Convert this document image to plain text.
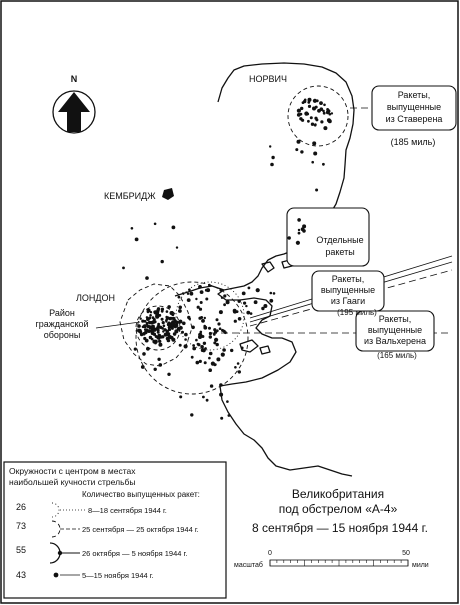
Ракеты,
выпущенные
из Ставерена
(185 миль)
Отдельные
ракеты
Ракеты,
выпущенные
из Гааги
(195 миль)
Ракеты,
выпущенные
из Вальхерена
(165 миль)
НОРВИЧ
КЕМБРИДЖ
ЛОНДОН
Район
гражданской
обороны
N
Великобритания
под обстрелом «А-4»
8 сентября — 15 ноября 1944 г.
0	50
масштаб	мили
Окружности с центром в местах
наибольшей кучности стрельбы
Количество выпущенных ракет:
26	8—18 сентября 1944 г.
73	25 сентября — 25 октября 1944 г.
55	26 октября — 5 ноября 1944 г.
43	5—15 ноября 1944 г.
